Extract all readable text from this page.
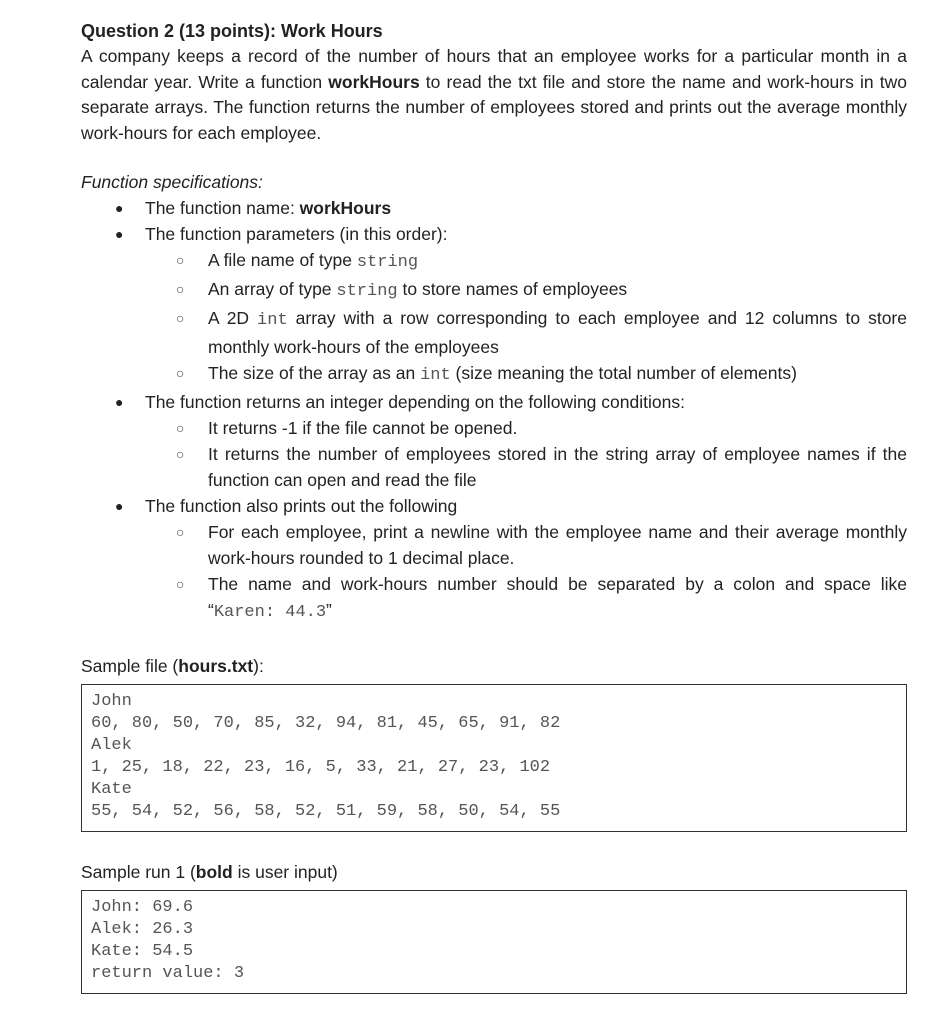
Question 2 (13 points): Work Hours

A company keeps a record of the number of hours that an employee works for a particular month in a calendar year. Write a function workHours to read the txt file and store the name and work-hours in two separate arrays. The function returns the number of employees stored and prints out the average monthly work-hours for each employee.

Function specifications:

● The function name: workHours
● The function parameters (in this order):
○ A file name of type string
○ An array of type string to store names of employees
○ A 2D int array with a row corresponding to each employee and 12 columns to store monthly work-hours of the employees
○ The size of the array as an int (size meaning the total number of elements)
● The function returns an integer depending on the following conditions:
○ It returns -1 if the file cannot be opened.
○ It returns the number of employees stored in the string array of employee names if the function can open and read the file
● The function also prints out the following
○ For each employee, print a newline with the employee name and their average monthly work-hours rounded to 1 decimal place.
○ The name and work-hours number should be separated by a colon and space like “Karen: 44.3”

Sample file (hours.txt):

John
60, 80, 50, 70, 85, 32, 94, 81, 45, 65, 91, 82
Alek
1, 25, 18, 22, 23, 16, 5, 33, 21, 27, 23, 102
Kate
55, 54, 52, 56, 58, 52, 51, 59, 58, 50, 54, 55

Sample run 1 (bold is user input)

John: 69.6
Alek: 26.3
Kate: 54.5
return value: 3
